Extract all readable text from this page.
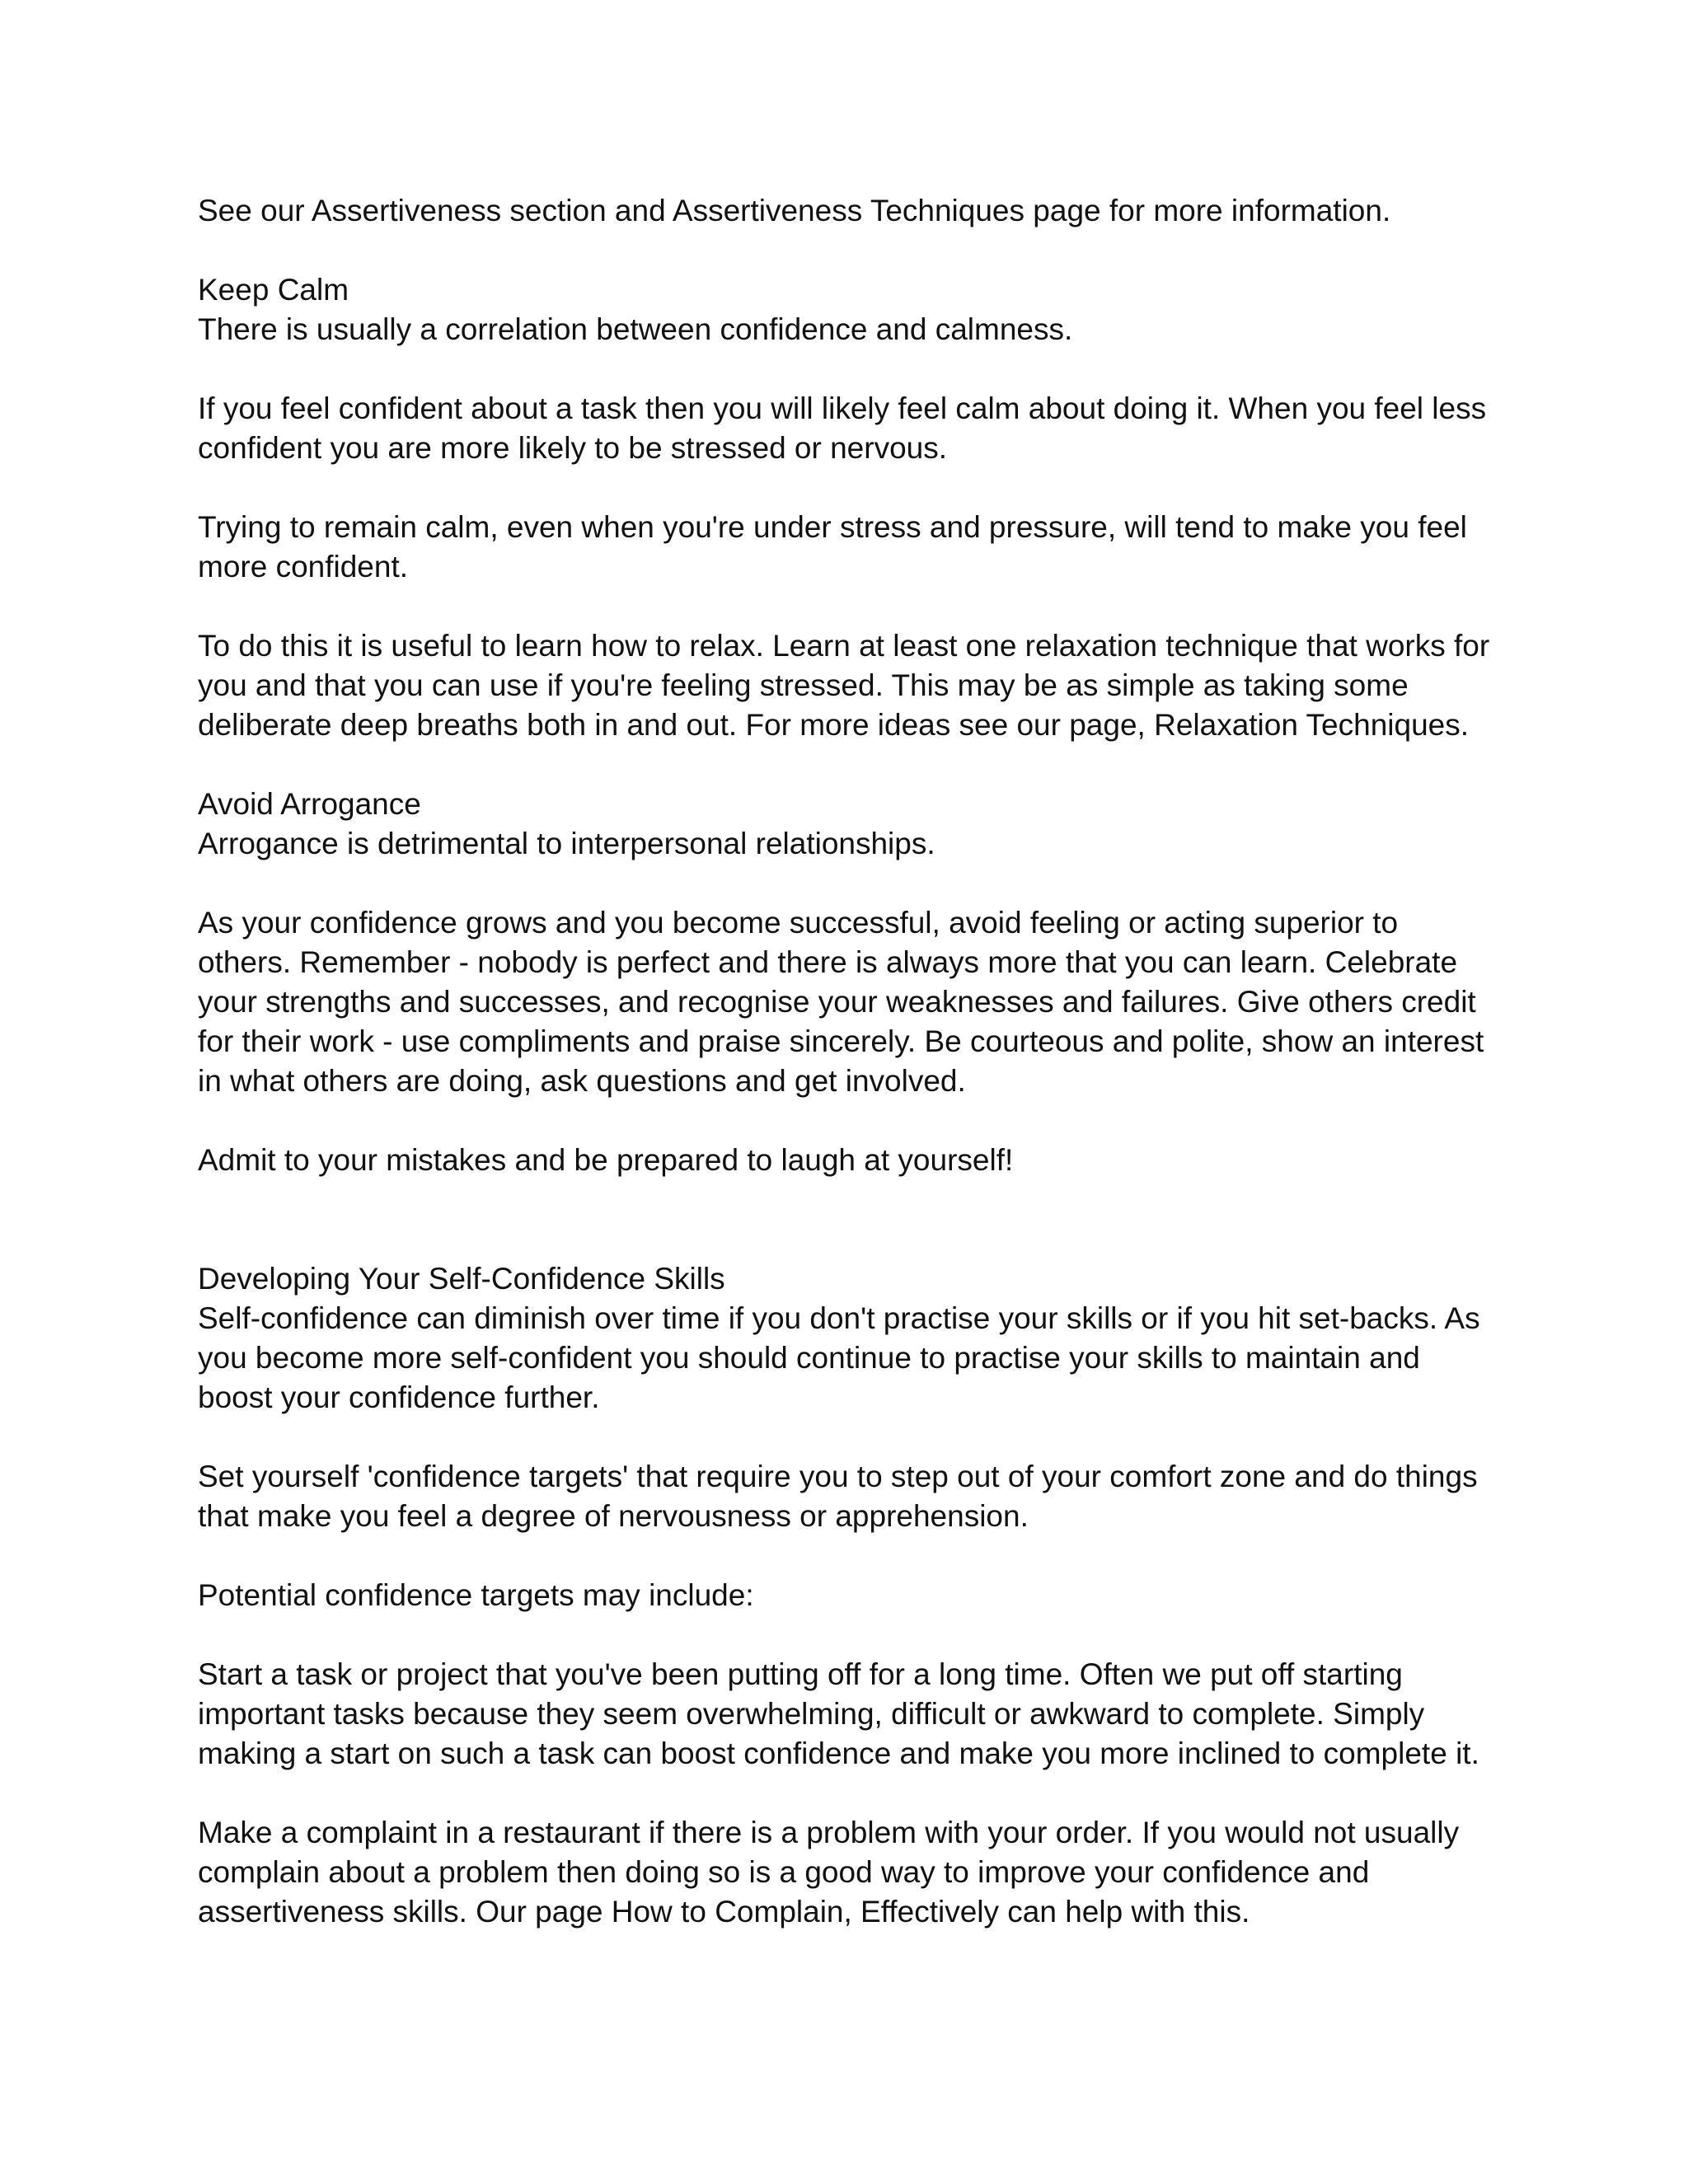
See our Assertiveness section and Assertiveness Techniques page for more information.

Keep Calm

There is usually a correlation between confidence and calmness.

If you feel confident about a task then you will likely feel calm about doing it. When you feel less
confident you are more likely to be stressed or nervous.

Trying to remain calm, even when you're under stress and pressure, will tend to make you feel
more confident.

To do this it is useful to learn how to relax. Learn at least one relaxation technique that works for
you and that you can use if you're feeling stressed. This may be as simple as taking some
deliberate deep breaths both in and out. For more ideas see our page, Relaxation Techniques.

Avoid Arrogance

Arrogance is detrimental to interpersonal relationships.

As your confidence grows and you become successful, avoid feeling or acting superior to
others. Remember - nobody is perfect and there is always more that you can learn. Celebrate
your strengths and successes, and recognise your weaknesses and failures. Give others credit
for their work - use compliments and praise sincerely. Be courteous and polite, show an interest
in what others are doing, ask questions and get involved.

Admit to your mistakes and be prepared to laugh at yourself!

Developing Your Self-Confidence Skills

Self-confidence can diminish over time if you don't practise your skills or if you hit set-backs. As
you become more self-confident you should continue to practise your skills to maintain and
boost your confidence further.

Set yourself 'confidence targets' that require you to step out of your comfort zone and do things
that make you feel a degree of nervousness or apprehension.

Potential confidence targets may include:

Start a task or project that you've been putting off for a long time. Often we put off starting
important tasks because they seem overwhelming, difficult or awkward to complete. Simply
making a start on such a task can boost confidence and make you more inclined to complete it.

Make a complaint in a restaurant if there is a problem with your order. If you would not usually
complain about a problem then doing so is a good way to improve your confidence and
assertiveness skills. Our page How to Complain, Effectively can help with this.
